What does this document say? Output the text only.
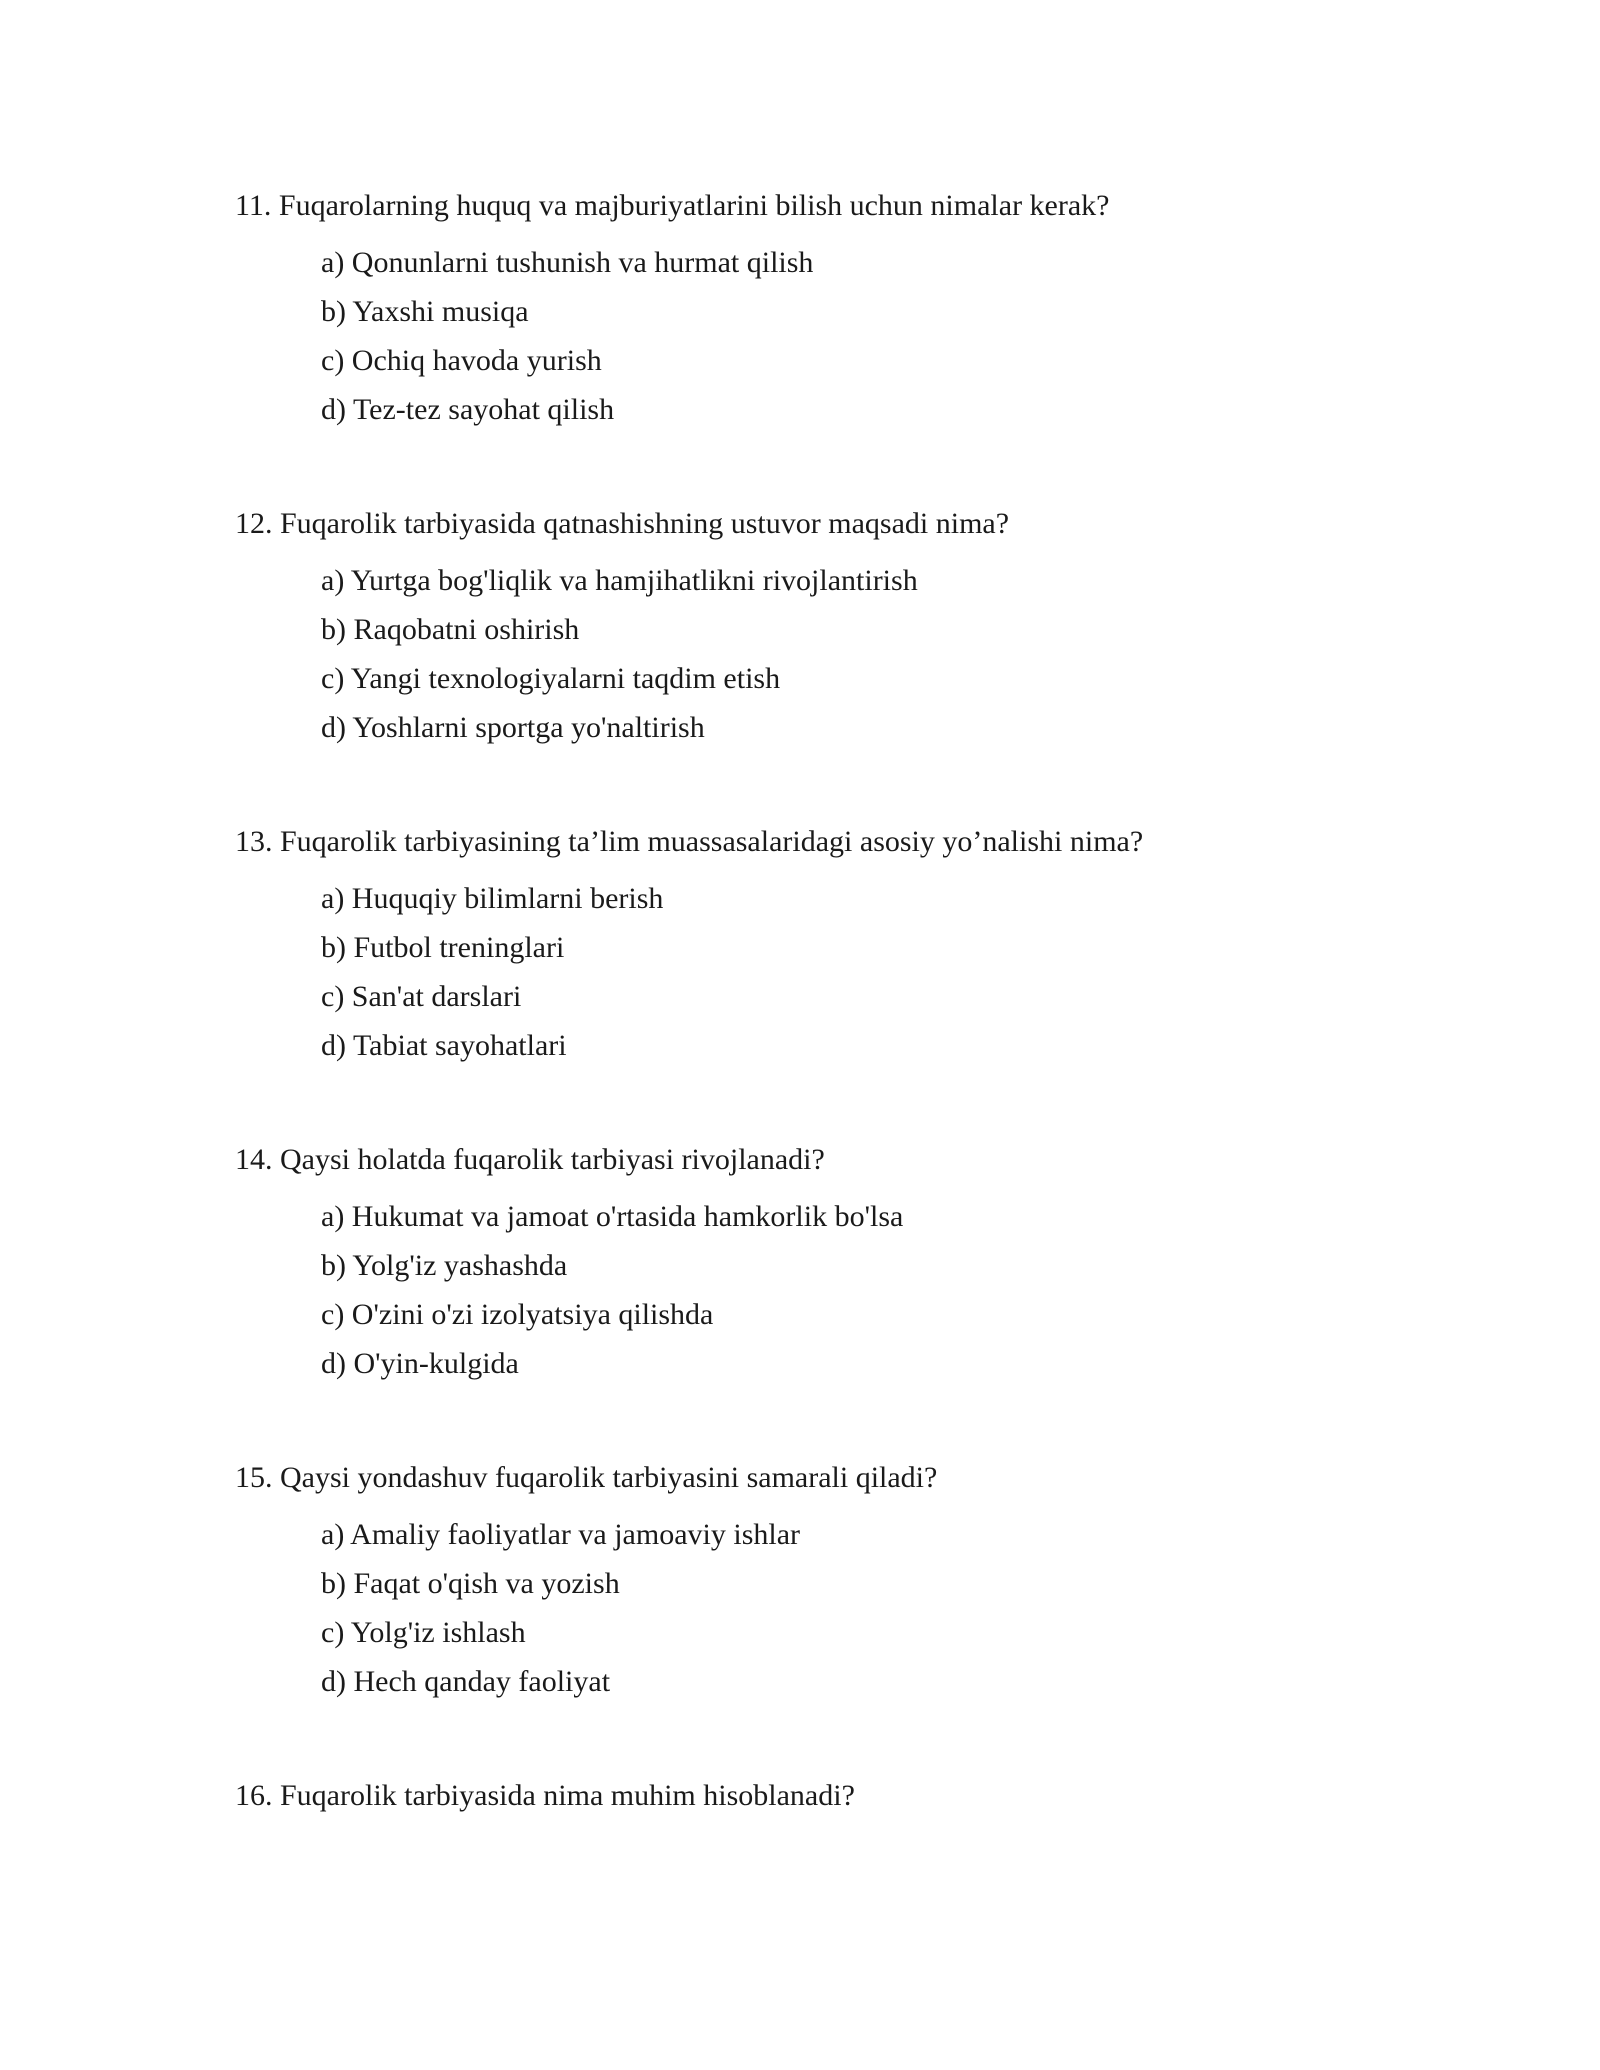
11. Fuqarolarning huquq va majburiyatlarini bilish uchun nimalar kerak?
a) Qonunlarni tushunish va hurmat qilish
b) Yaxshi musiqa
c) Ochiq havoda yurish
d) Tez-tez sayohat qilish
12. Fuqarolik tarbiyasida qatnashishning ustuvor maqsadi nima?
a) Yurtga bog'liqlik va hamjihatlikni rivojlantirish
b) Raqobatni oshirish
c) Yangi texnologiyalarni taqdim etish
d) Yoshlarni sportga yo'naltirish
13. Fuqarolik tarbiyasining ta’lim muassasalaridagi asosiy yo’nalishi nima?
a) Huquqiy bilimlarni berish
b) Futbol treninglari
c) San'at darslari
d) Tabiat sayohatlari
14. Qaysi holatda fuqarolik tarbiyasi rivojlanadi?
a) Hukumat va jamoat o'rtasida hamkorlik bo'lsa
b) Yolg'iz yashashda
c) O'zini o'zi izolyatsiya qilishda
d) O'yin-kulgida
15. Qaysi yondashuv fuqarolik tarbiyasini samarali qiladi?
a) Amaliy faoliyatlar va jamoaviy ishlar
b) Faqat o'qish va yozish
c) Yolg'iz ishlash
d) Hech qanday faoliyat
16. Fuqarolik tarbiyasida nima muhim hisoblanadi?
